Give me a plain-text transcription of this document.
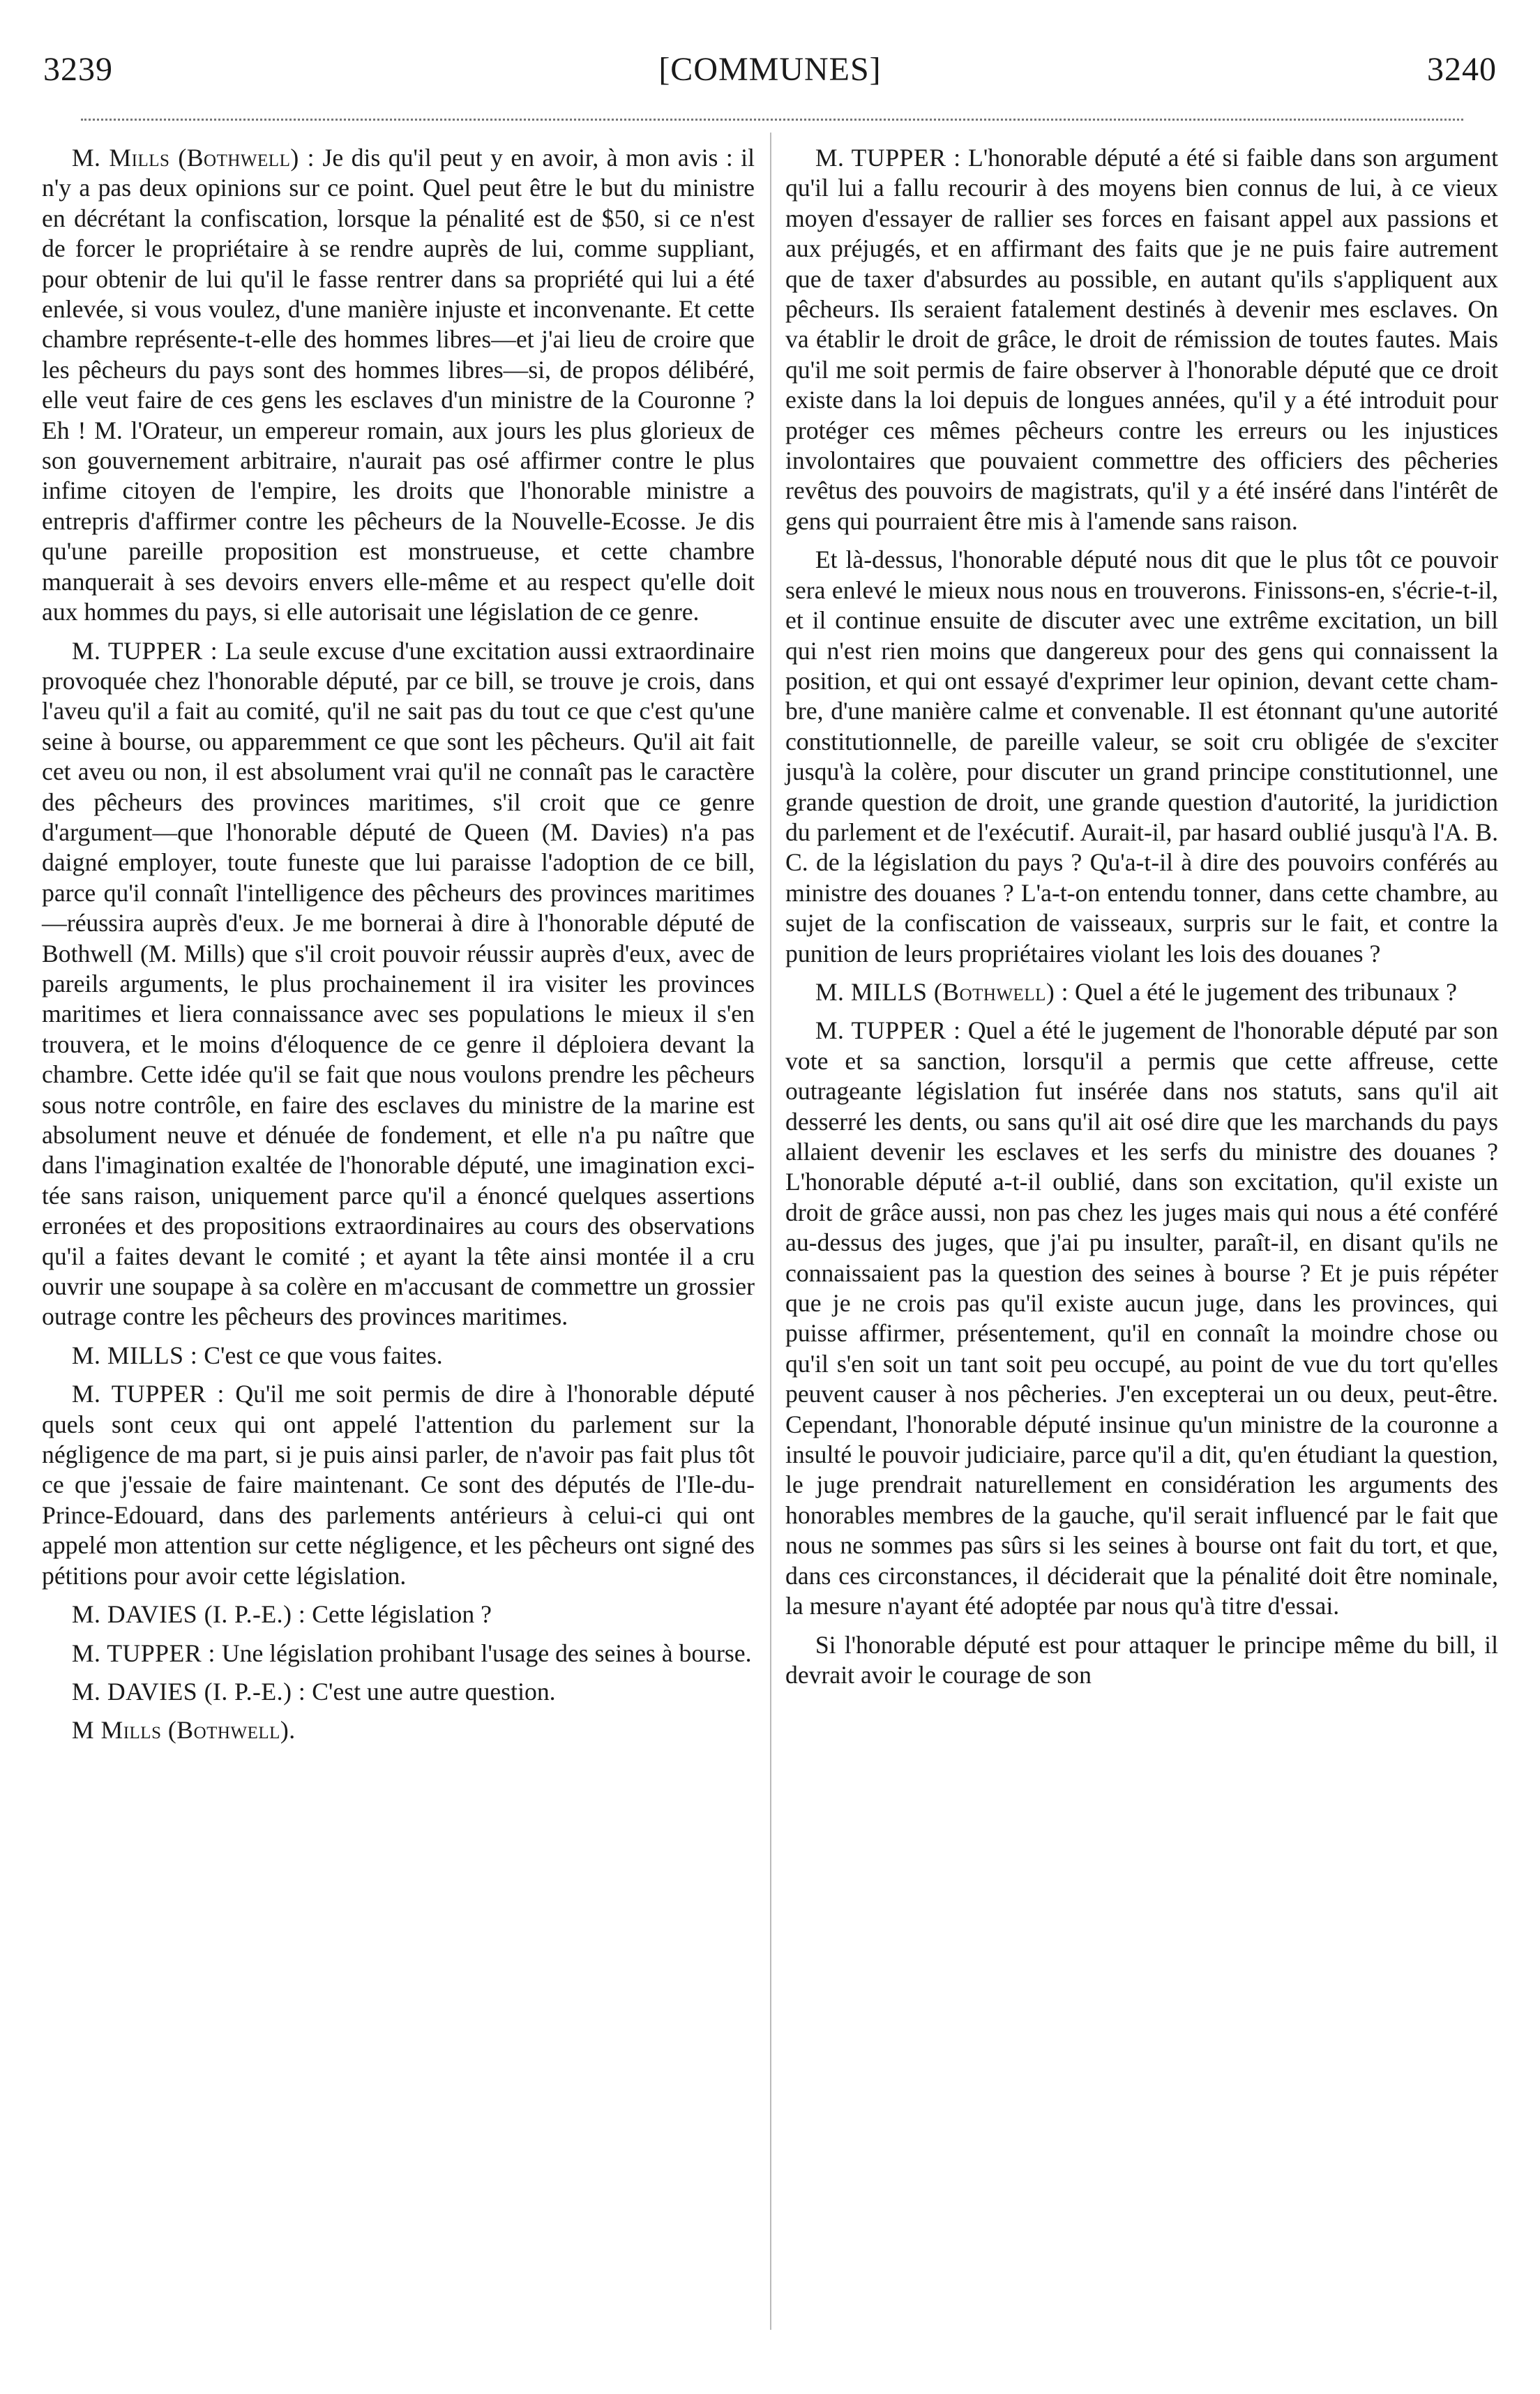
3239	[COMMUNES]	3240

M. Mills (Bothwell) : Je dis qu'il peut y en avoir, à mon avis : il n'y a pas deux opinions sur ce point. Quel peut être le but du ministre en décrétant la confiscation, lorsque la pénalité est de $50, si ce n'est de forcer le propriétaire à se rendre auprès de lui, comme suppliant, pour obtenir de lui qu'il le fasse rentrer dans sa propriété qui lui a été enlevée, si vous voulez, d'une manière injuste et inconvenante. Et cette chambre représente-t-elle des hommes libres—et j'ai lieu de croire que les pêcheurs du pays sont des hommes libres—si, de propos délibéré, elle veut faire de ces gens les esclaves d'un ministre de la Couronne ? Eh ! M. l'Orateur, un empereur romain, aux jours les plus glorieux de son gouvernement arbitraire, n'aurait pas osé affirmer contre le plus infime citoyen de l'empire, les droits que l'honorable ministre a entrepris d'affirmer contre les pêcheurs de la Nouvelle-Ecosse. Je dis qu'une pareille proposition est monstrueuse, et cette chambre manquerait à ses devoirs envers elle-même et au respect qu'elle doit aux hommes du pays, si elle autorisait une législation de ce genre.

M. TUPPER : La seule excuse d'une excitation aussi extraordinaire provoquée chez l'honorable député, par ce bill, se trouve je crois, dans l'aveu qu'il a fait au comité, qu'il ne sait pas du tout ce que c'est qu'une seine à bourse, ou apparemment ce que sont les pêcheurs. Qu'il ait fait cet aveu ou non, il est absolument vrai qu'il ne connaît pas le caractère des pêcheurs des provinces maritimes, s'il croit que ce genre d'argument—que l'honorable député de Queen (M. Davies) n'a pas daigné employer, toute funeste que lui paraisse l'adoption de ce bill, parce qu'il connaît l'intelligence des pêcheurs des provinces maritimes—réussira auprès d'eux. Je me bornerai à dire à l'honorable député de Bothwell (M. Mills) que s'il croit pouvoir réussir auprès d'eux, avec de pareils arguments, le plus prochainement il ira visiter les provinces maritimes et liera connaissance avec ses populations le mieux il s'en trouvera, et le moins d'éloquence de ce genre il déploiera devant la chambre. Cette idée qu'il se fait que nous voulons prendre les pêcheurs sous notre contrôle, en faire des esclaves du ministre de la marine est absolument neuve et dénuée de fondement, et elle n'a pu naître que dans l'imagination exaltée de l'honorable député, une imagination excitée sans raison, uniquement parce qu'il a énoncé quelques assertions erronées et des propositions extraordinaires au cours des observations qu'il a faites devant le comité ; et ayant la tête ainsi montée il a cru ouvrir une soupape à sa colère en m'accusant de commettre un grossier outrage contre les pêcheurs des provinces maritimes.

M. MILLS : C'est ce que vous faites.

M. TUPPER : Qu'il me soit permis de dire à l'honorable député quels sont ceux qui ont appelé l'attention du parlement sur la négligence de ma part, si je puis ainsi parler, de n'avoir pas fait plus tôt ce que j'essaie de faire maintenant. Ce sont des députés de l'Ile-du-Prince-Edouard, dans des parlements antérieurs à celui-ci qui ont appelé mon attention sur cette négligence, et les pêcheurs ont signé des pétitions pour avoir cette législation.

M. DAVIES (I. P.-E.) : Cette législation ?

M. TUPPER : Une législation prohibant l'usage des seines à bourse.

M. DAVIES (I. P.-E.) : C'est une autre question.

M Mills (Bothwell).

M. TUPPER : L'honorable député a été si faible dans son argument qu'il lui a fallu recourir à des moyens bien connus de lui, à ce vieux moyen d'essayer de rallier ses forces en faisant appel aux passions et aux préjugés, et en affirmant des faits que je ne puis faire autrement que de taxer d'absurdes au possible, en autant qu'ils s'appliquent aux pêcheurs. Ils seraient fatalement destinés à devenir mes esclaves. On va établir le droit de grâce, le droit de rémission de toutes fautes. Mais qu'il me soit permis de faire observer à l'honorable député que ce droit existe dans la loi depuis de longues années, qu'il y a été introduit pour protéger ces mêmes pêcheurs contre les erreurs ou les injustices involontaires que pouvaient commettre des officiers des pêcheries revêtus des pouvoirs de magistrats, qu'il y a été inséré dans l'intérêt de gens qui pourraient être mis à l'amende sans raison.

Et là-dessus, l'honorable député nous dit que le plus tôt ce pouvoir sera enlevé le mieux nous nous en trouverons. Finissons-en, s'écrie-t-il, et il continue ensuite de discuter avec une extrême excitation, un bill qui n'est rien moins que dangereux pour des gens qui connaissent la position, et qui ont essayé d'exprimer leur opinion, devant cette chambre, d'une manière calme et convenable. Il est étonnant qu'une autorité constitutionnelle, de pareille valeur, se soit cru obligée de s'exciter jusqu'à la colère, pour discuter un grand principe constitutionnel, une grande question de droit, une grande question d'autorité, la juridiction du parlement et de l'exécutif. Aurait-il, par hasard oublié jusqu'à l'A. B. C. de la législation du pays ? Qu'a-t-il à dire des pouvoirs conférés au ministre des douanes ? L'a-t-on entendu tonner, dans cette chambre, au sujet de la confiscation de vaisseaux, surpris sur le fait, et contre la punition de leurs propriétaires violant les lois des douanes ?

M. MILLS (Bothwell) : Quel a été le jugement des tribunaux ?

M. TUPPER : Quel a été le jugement de l'honorable député par son vote et sa sanction, lorsqu'il a permis que cette affreuse, cette outrageante législation fut insérée dans nos statuts, sans qu'il ait desserré les dents, ou sans qu'il ait osé dire que les marchands du pays allaient devenir les esclaves et les serfs du ministre des douanes ? L'honorable député a-t-il oublié, dans son excitation, qu'il existe un droit de grâce aussi, non pas chez les juges mais qui nous a été conféré au-dessus des juges, que j'ai pu insulter, paraît-il, en disant qu'ils ne connaissaient pas la question des seines à bourse ? Et je puis répéter que je ne crois pas qu'il existe aucun juge, dans les provinces, qui puisse affirmer, présentement, qu'il en connaît la moindre chose ou qu'il s'en soit un tant soit peu occupé, au point de vue du tort qu'elles peuvent causer à nos pêcheries. J'en excepterai un ou deux, peut-être. Cependant, l'honorable député insinue qu'un ministre de la couronne a insulté le pouvoir judiciaire, parce qu'il a dit, qu'en étudiant la question, le juge prendrait naturellement en considération les arguments des honorables membres de la gauche, qu'il serait influencé par le fait que nous ne sommes pas sûrs si les seines à bourse ont fait du tort, et que, dans ces circonstances, il déciderait que la pénalité doit être nominale, la mesure n'ayant été adoptée par nous qu'à titre d'essai.

Si l'honorable député est pour attaquer le principe même du bill, il devrait avoir le courage de son
